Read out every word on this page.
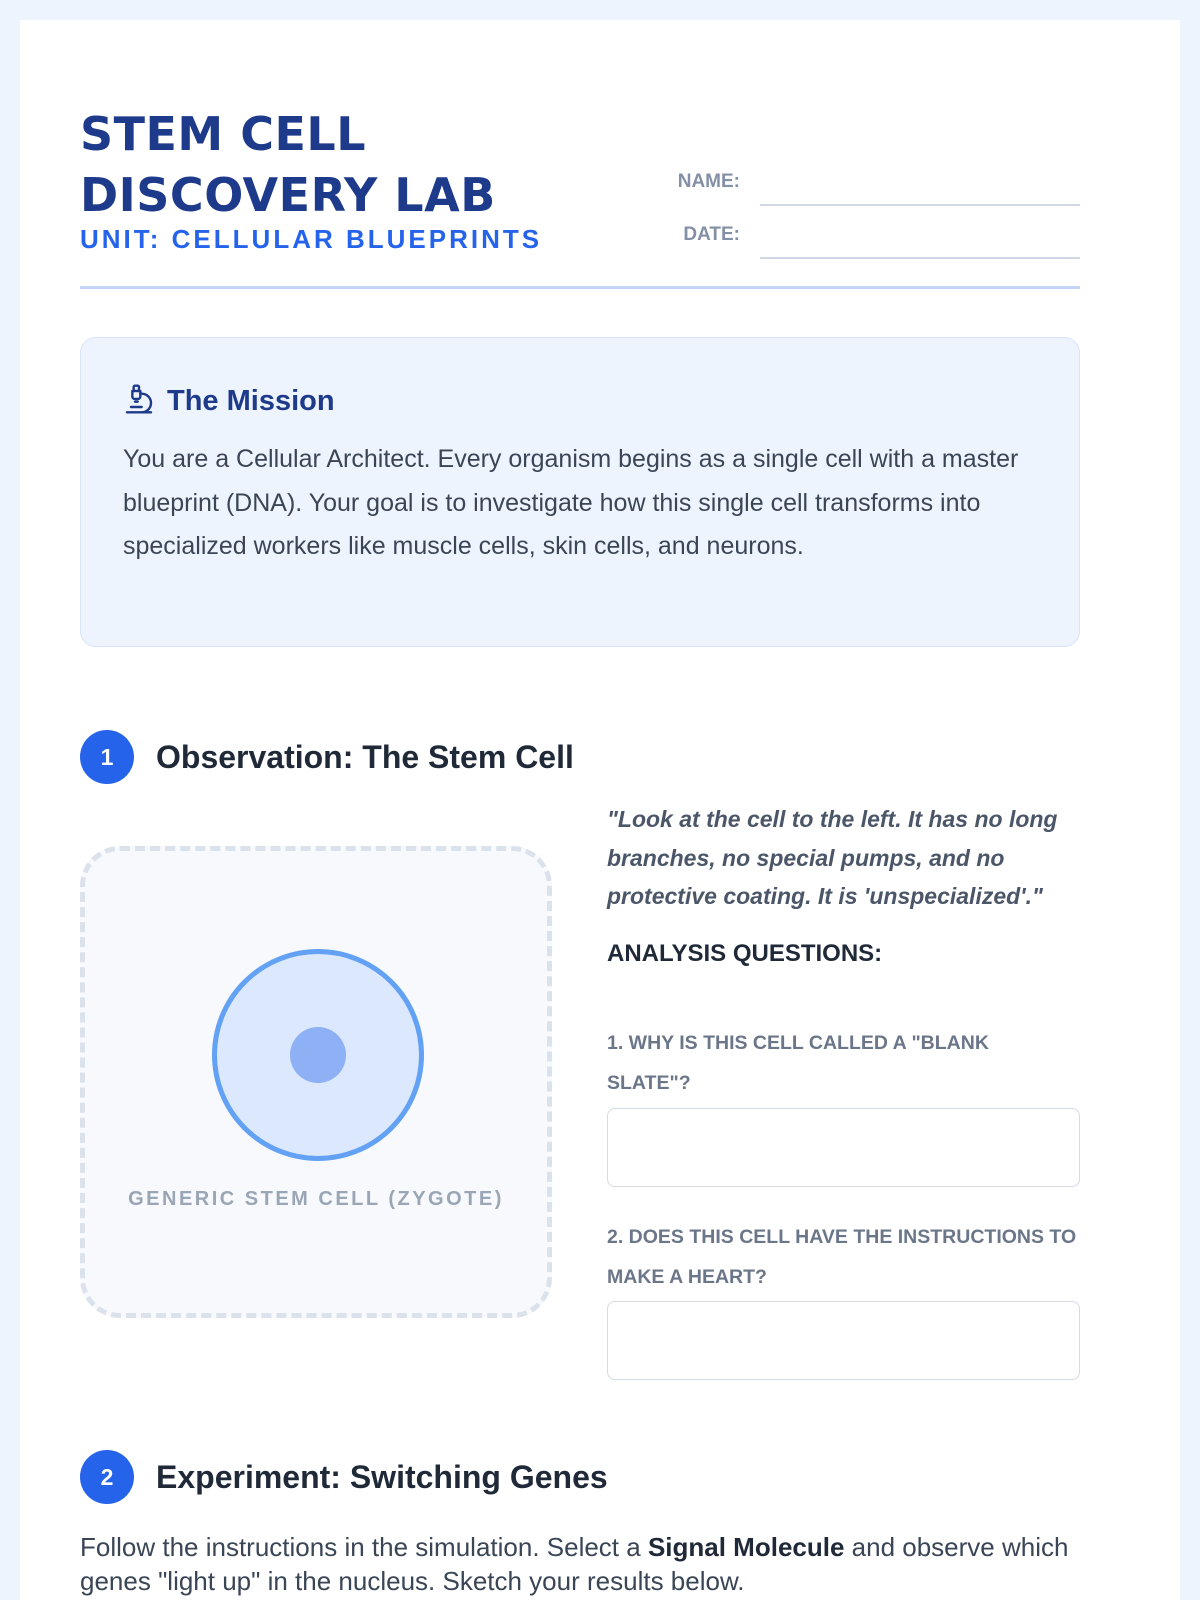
STEM CELL
DISCOVERY LAB
UNIT: CELLULAR BLUEPRINTS
NAME:
DATE:
The Mission
You are a Cellular Architect. Every organism begins as a single cell with a master blueprint (DNA). Your goal is to investigate how this single cell transforms into specialized workers like muscle cells, skin cells, and neurons.
1	Observation: The Stem Cell
GENERIC STEM CELL (ZYGOTE)
"Look at the cell to the left. It has no long branches, no special pumps, and no protective coating. It is 'unspecialized'."
ANALYSIS QUESTIONS:
1. WHY IS THIS CELL CALLED A "BLANK SLATE"?
2. DOES THIS CELL HAVE THE INSTRUCTIONS TO MAKE A HEART?
2	Experiment: Switching Genes
Follow the instructions in the simulation. Select a Signal Molecule and observe which genes "light up" in the nucleus. Sketch your results below.
